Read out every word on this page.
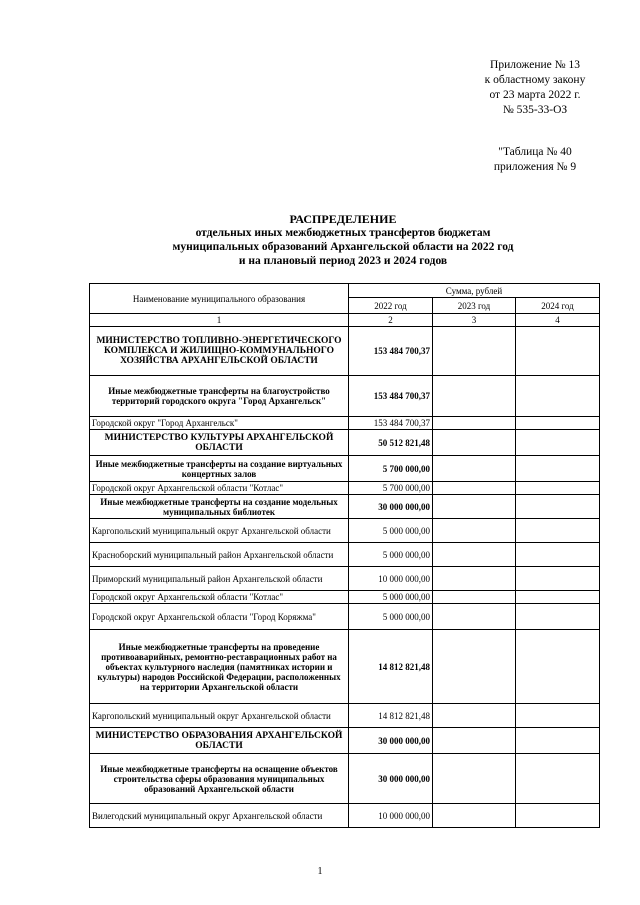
Приложение № 13
к областному закону
от 23 марта 2022 г.
№ 535-33-ОЗ
"Таблица № 40
приложения № 9
РАСПРЕДЕЛЕНИЕ
отдельных иных межбюджетных трансфертов бюджетам
муниципальных образований Архангельской области на 2022 год
и на плановый период 2023 и 2024 годов
Наименование муниципального образования	Сумма, рублей		
	2022 год	2023 год	2024 год
1	2	3	4
МИНИСТЕРСТВО ТОПЛИВНО-ЭНЕРГЕТИЧЕСКОГО КОМПЛЕКСА И ЖИЛИЩНО-КОММУНАЛЬНОГО ХОЗЯЙСТВА АРХАНГЕЛЬСКОЙ ОБЛАСТИ	153 484 700,37		
Иные межбюджетные трансферты на благоустройство территорий городского округа "Город Архангельск"	153 484 700,37		
Городской округ "Город Архангельск"	153 484 700,37		
МИНИСТЕРСТВО КУЛЬТУРЫ АРХАНГЕЛЬСКОЙ ОБЛАСТИ	50 512 821,48		
Иные межбюджетные трансферты на создание виртуальных концертных залов	5 700 000,00		
Городской округ Архангельской области "Котлас"	5 700 000,00		
Иные межбюджетные трансферты на создание модельных муниципальных библиотек	30 000 000,00		
Каргопольский муниципальный округ Архангельской области	5 000 000,00		
Красноборский муниципальный район Архангельской области	5 000 000,00		
Приморский муниципальный район Архангельской области	10 000 000,00		
Городской округ Архангельской области "Котлас"	5 000 000,00		
Городской округ Архангельской области "Город Коряжма"	5 000 000,00		
Иные межбюджетные трансферты на проведение противоаварийных, ремонтно-реставрационных работ на объектах культурного наследия (памятниках истории и культуры) народов Российской Федерации, расположенных на территории Архангельской области	14 812 821,48		
Каргопольский муниципальный округ Архангельской области	14 812 821,48		
МИНИСТЕРСТВО ОБРАЗОВАНИЯ АРХАНГЕЛЬСКОЙ ОБЛАСТИ	30 000 000,00		
Иные межбюджетные трансферты на оснащение объектов строительства сферы образования муниципальных образований Архангельской области	30 000 000,00		
Вилегодский муниципальный округ Архангельской области	10 000 000,00		
1
